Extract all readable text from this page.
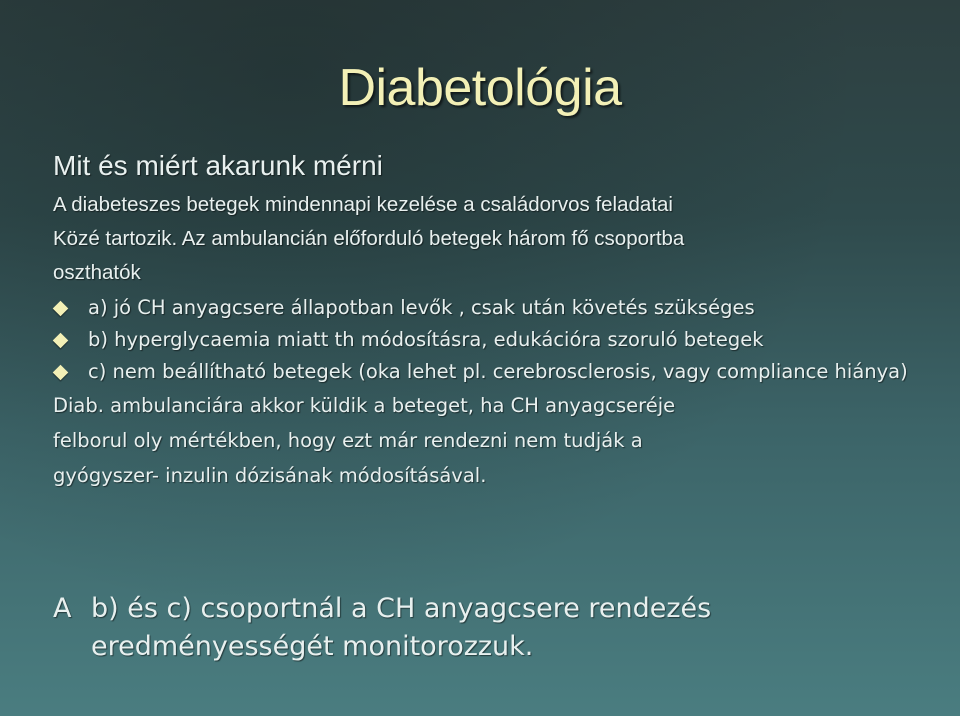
Diabetológia
Mit és miért akarunk mérni

A diabeteszes betegek mindennapi kezelése a családorvos feladatai
Közé tartozik. Az ambulancián előforduló betegek három fő csoportba
oszthatók

a) jó CH anyagcsere állapotban levők , csak után követés szükséges
b) hyperglycaemia miatt th módosításra, edukációra szoruló betegek
c) nem beállítható betegek (oka lehet pl. cerebrosclerosis, vagy compliance hiánya)

Diab. ambulanciára akkor küldik a beteget, ha CH anyagcseréje
felborul oly mértékben, hogy ezt már rendezni nem tudják a
gyógyszer- inzulin dózisának módosításával.

A b) és c) csoportnál a CH anyagcsere rendezés

eredményességét monitorozzuk.
